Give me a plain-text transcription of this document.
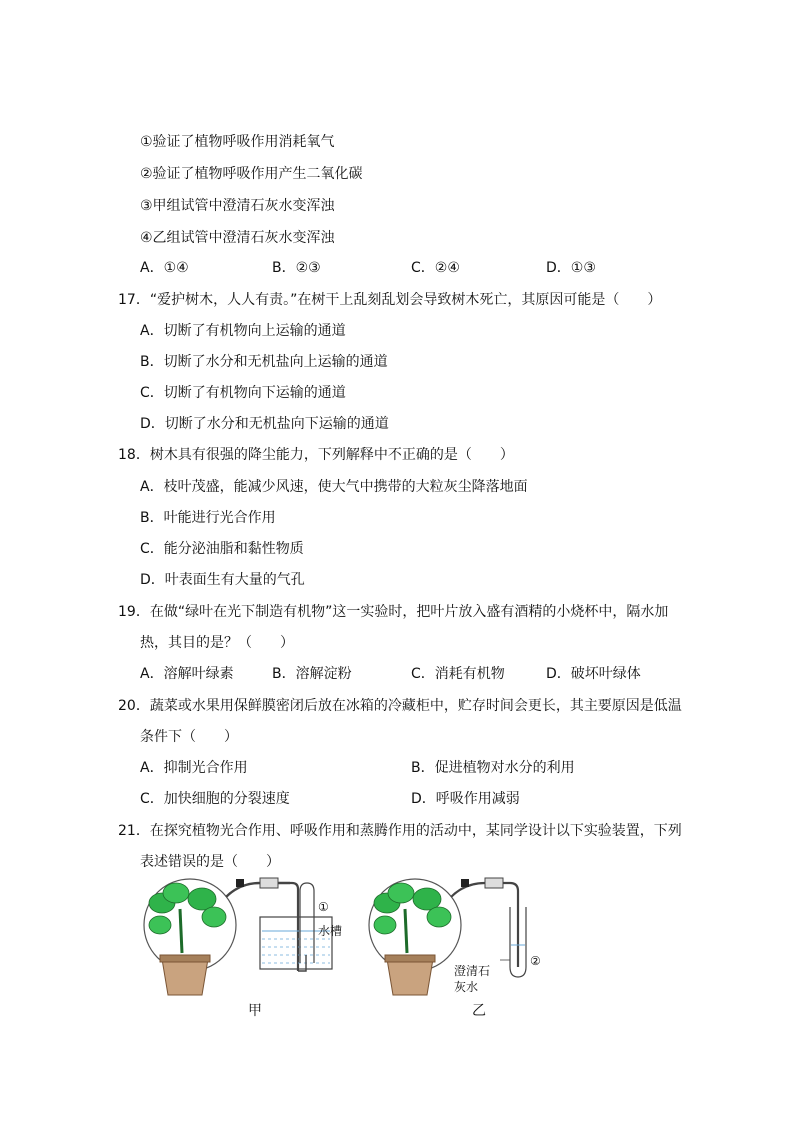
①验证了植物呼吸作用消耗氧气
②验证了植物呼吸作用产生二氧化碳
③甲组试管中澄清石灰水变浑浊
④乙组试管中澄清石灰水变浑浊
A．①④	B．②③	C．②④	D．①③
17．“爱护树木，人人有责。”在树干上乱刻乱划会导致树木死亡，其原因可能是（　　）
A．切断了有机物向上运输的通道
B．切断了水分和无机盐向上运输的通道
C．切断了有机物向下运输的通道
D．切断了水分和无机盐向下运输的通道
18．树木具有很强的降尘能力，下列解释中不正确的是（　　）
A．枝叶茂盛，能减少风速，使大气中携带的大粒灰尘降落地面
B．叶能进行光合作用
C．能分泌油脂和黏性物质
D．叶表面生有大量的气孔
19．在做“绿叶在光下制造有机物”这一实验时，把叶片放入盛有酒精的小烧杯中，隔水加
热，其目的是？（　　）
A．溶解叶绿素	B．溶解淀粉	C．消耗有机物	D．破坏叶绿体
20．蔬菜或水果用保鲜膜密闭后放在冰箱的冷藏柜中，贮存时间会更长，其主要原因是低温
条件下（　　）
A．抑制光合作用	B．促进植物对水分的利用
C．加快细胞的分裂速度	D．呼吸作用减弱
21．在探究植物光合作用、呼吸作用和蒸腾作用的活动中，某同学设计以下实验装置，下列
表述错误的是（　　）
①
水槽
②
澄清石
灰水
甲	乙
